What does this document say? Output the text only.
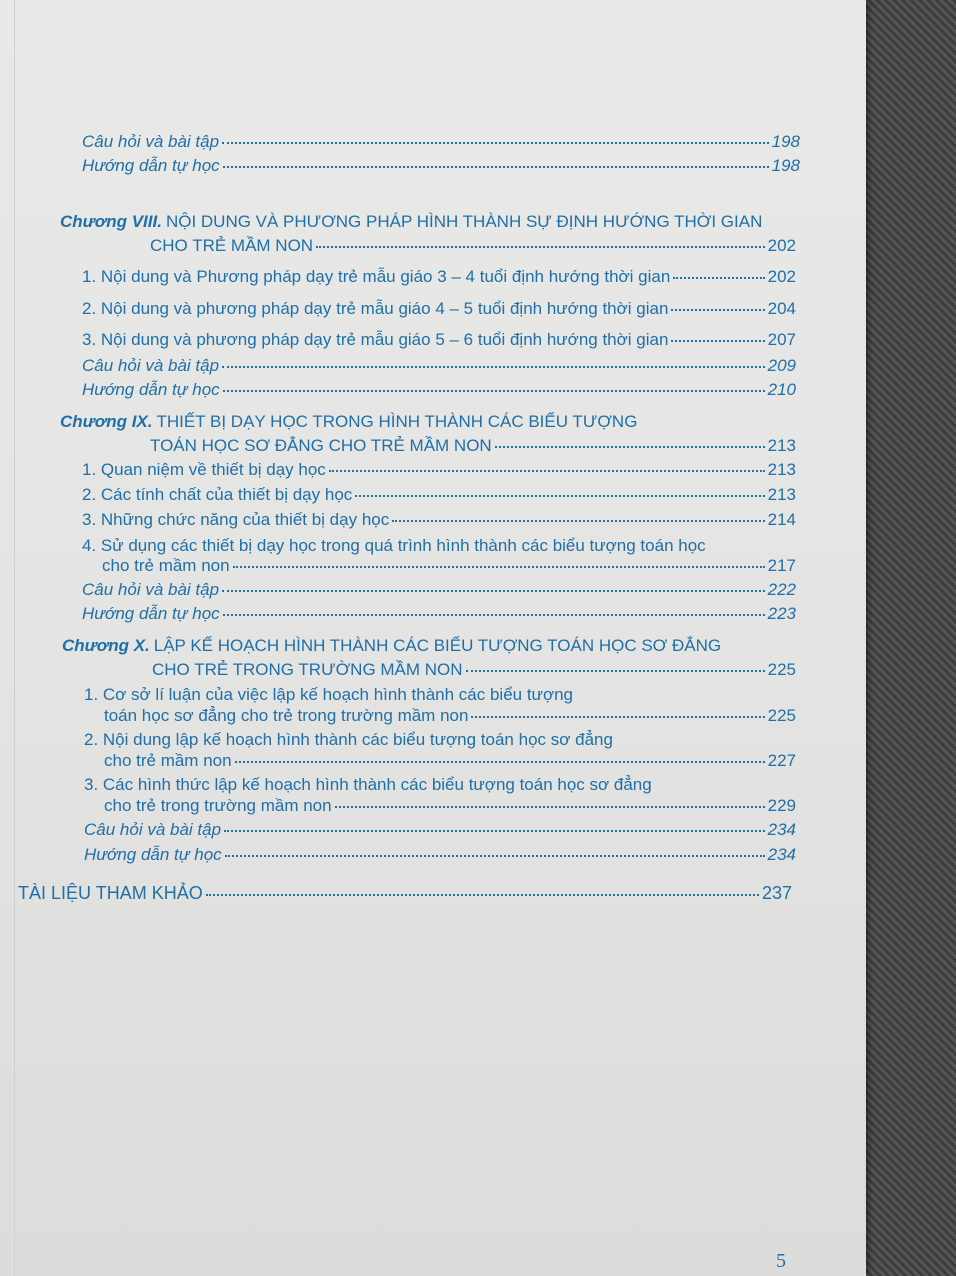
Câu hỏi và bài tập	198
Hướng dẫn tự học	198
Chương VIII. NỘI DUNG VÀ PHƯƠNG PHÁP HÌNH THÀNH SỰ ĐỊNH HƯỚNG THỜI GIAN
CHO TRẺ MẦM NON	202
1. Nội dung và Phương pháp dạy trẻ mẫu giáo 3 – 4 tuổi định hướng thời gian	202
2. Nội dung và phương pháp dạy trẻ mẫu giáo 4 – 5 tuổi định hướng thời gian	204
3. Nội dung và phương pháp dạy trẻ mẫu giáo 5 – 6 tuổi định hướng thời gian	207
Câu hỏi và bài tập	209
Hướng dẫn tự học	210
Chương IX. THIẾT BỊ DẠY HỌC TRONG HÌNH THÀNH CÁC BIỂU TƯỢNG
TOÁN HỌC SƠ ĐẲNG CHO TRẺ MẦM NON	213
1. Quan niệm về thiết bị dạy học	213
2. Các tính chất của thiết bị dạy học	213
3. Những chức năng của thiết bị dạy học	214
4. Sử dụng các thiết bị dạy học trong quá trình hình thành các biểu tượng toán học
cho trẻ mầm non	217
Câu hỏi và bài tập	222
Hướng dẫn tự học	223
Chương X. LẬP KẾ HOẠCH HÌNH THÀNH CÁC BIỂU TƯỢNG TOÁN HỌC SƠ ĐẲNG
CHO TRẺ TRONG TRƯỜNG MẦM NON	225
1. Cơ sở lí luận của việc lập kế hoạch hình thành các biểu tượng
toán học sơ đẳng cho trẻ trong trường mầm non	225
2. Nội dung lập kế hoạch hình thành các biểu tượng toán học sơ đẳng
cho trẻ mầm non	227
3. Các hình thức lập kế hoạch hình thành các biểu tượng toán học sơ đẳng
cho trẻ trong trường mầm non	229
Câu hỏi và bài tập	234
Hướng dẫn tự học	234
TÀI LIỆU THAM KHẢO	237
5
